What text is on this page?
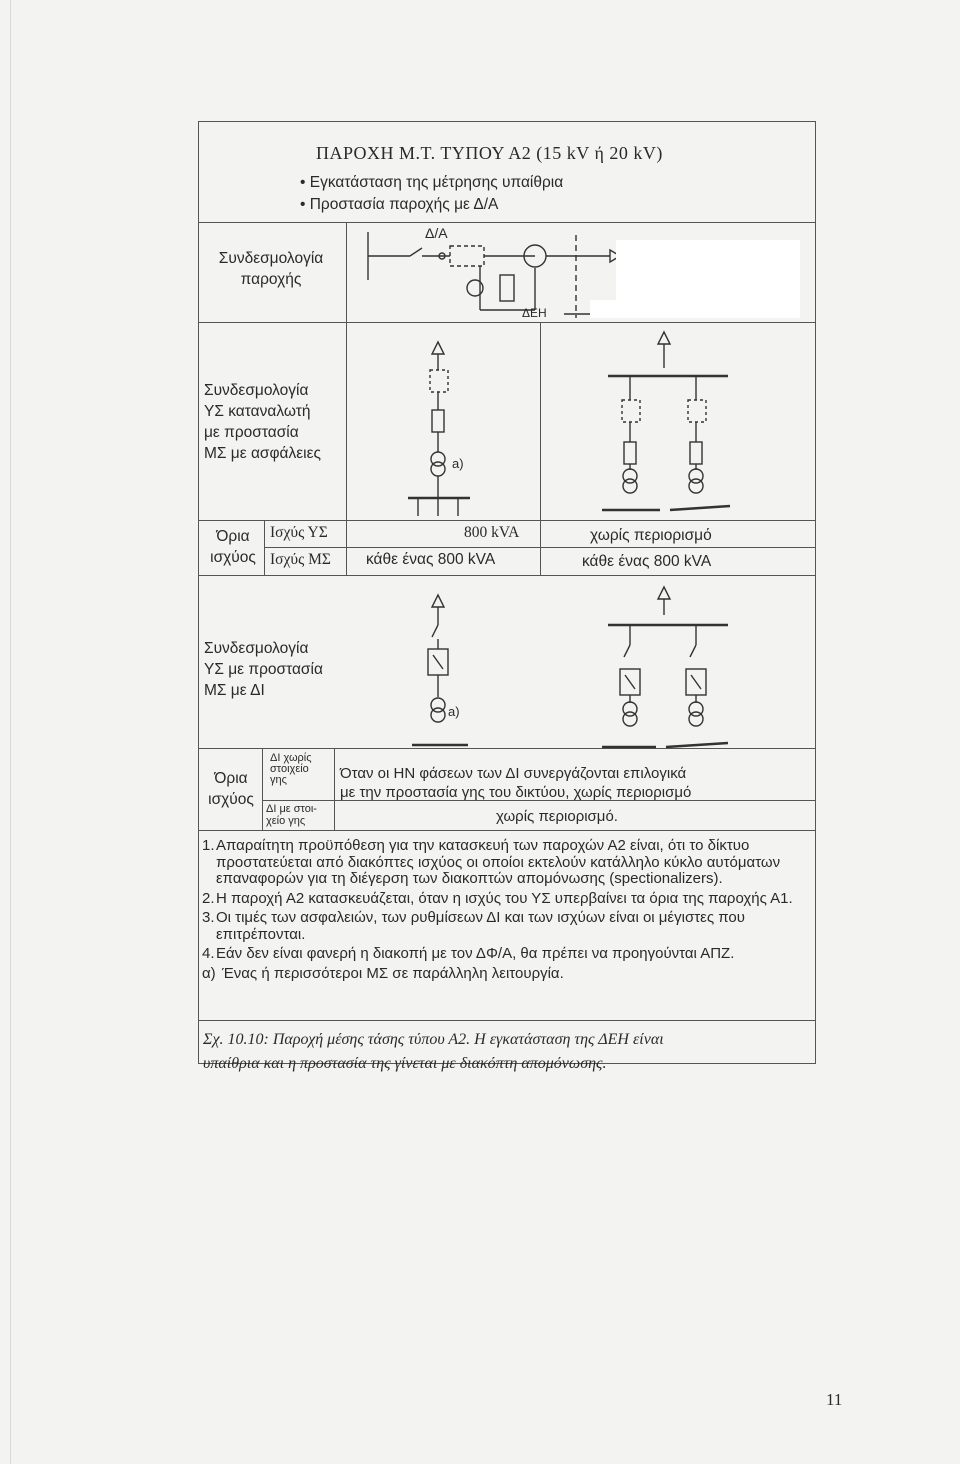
ΠΑΡΟΧΗ Μ.Τ. ΤΥΠΟΥ Α2 (15 kV ή 20 kV)
• Εγκατάσταση της μέτρησης υπαίθρια
• Προστασία παροχής με Δ/Α
Συνδεσμολογία
παροχής
Δ/Α
ΔΕΗ
Συνδεσμολογία
ΥΣ καταναλωτή
με προστασία
ΜΣ με ασφάλειες
a)
Όρια
ισχύος
Ισχύς ΥΣ
Ισχύς ΜΣ
800 kVA
κάθε ένας 800 kVA
χωρίς περιορισμό
κάθε ένας 800 kVA
Συνδεσμολογία
ΥΣ με προστασία
ΜΣ με ΔΙ
a)
Όρια
ισχύος
ΔΙ χωρίς
στοιχείο
γης
ΔΙ με στοι-
χείο γης
Όταν οι ΗΝ φάσεων των ΔΙ συνεργάζονται επιλογικά
με την προστασία γης του δικτύου, χωρίς περιορισμό
χωρίς περιορισμό.
1. Απαραίτητη προϋπόθεση για την κατασκευή των παροχών Α2 είναι, ότι το δίκτυο προστατεύεται από διακόπτες ισχύος οι οποίοι εκτελούν κατάλληλο κύκλο αυτόματων επαναφορών για τη διέγερση των διακοπτών απομόνωσης (spectionalizers).
2. Η παροχή Α2 κατασκευάζεται, όταν η ισχύς του ΥΣ υπερβαίνει τα όρια της παροχής Α1.
3. Οι τιμές των ασφαλειών, των ρυθμίσεων ΔΙ και των ισχύων είναι οι μέγιστες που επιτρέπονται.
4. Εάν δεν είναι φανερή η διακοπή με τον ΔΦ/Α, θα πρέπει να προηγούνται ΑΠΖ.
α) Ένας ή περισσότεροι ΜΣ σε παράλληλη λειτουργία.
Σχ. 10.10: Παροχή μέσης τάσης τύπου Α2. Η εγκατάσταση της ΔΕΗ είναι
υπαίθρια και η προστασία της γίνεται με διακόπτη απομόνωσης.
11
